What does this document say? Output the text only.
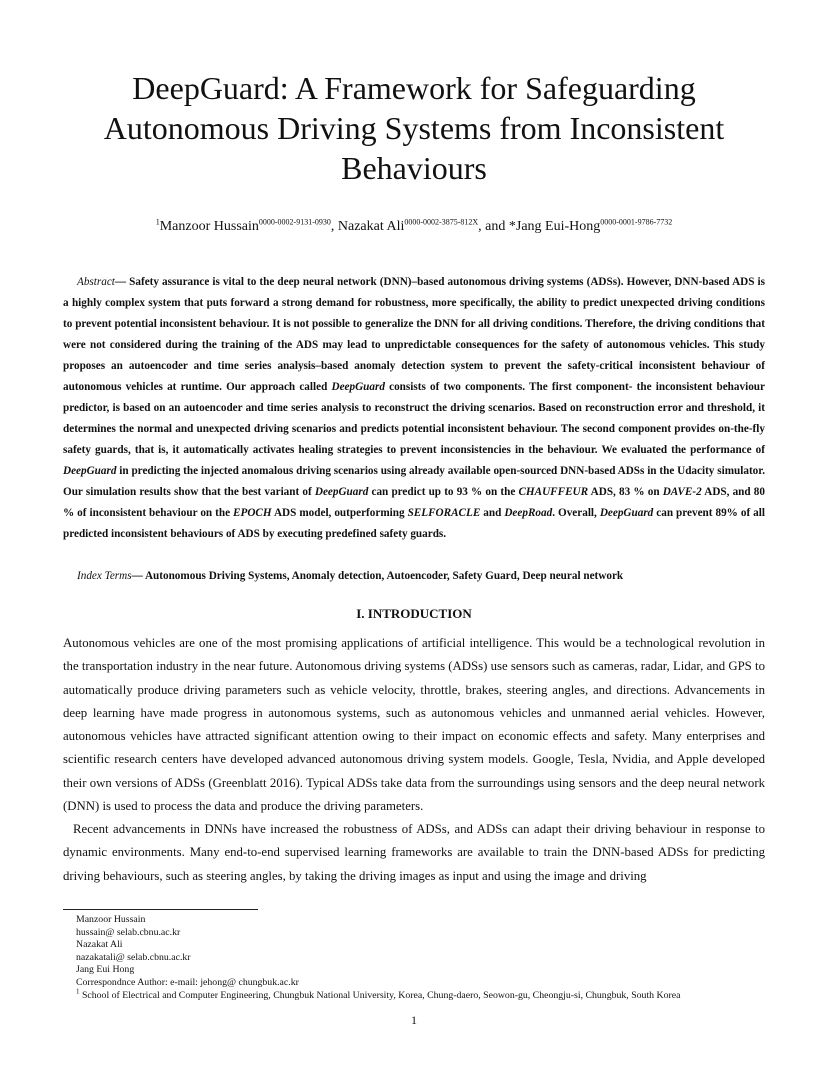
DeepGuard: A Framework for Safeguarding Autonomous Driving Systems from Inconsistent Behaviours
$^1$Manzoor Hussain$^{0000-0002-9131-0930}$, Nazakat Ali$^{0000-0002-3875-812X}$, and *Jang Eui-Hong$^{0000-0001-9786-7732}$

Abstract— Safety assurance is vital to the deep neural network (DNN)–based autonomous driving systems (ADSs). However, DNN-based ADS is a highly complex system that puts forward a strong demand for robustness, more specifically, the ability to predict unexpected driving conditions to prevent potential inconsistent behaviour. It is not possible to generalize the DNN for all driving conditions. Therefore, the driving conditions that were not considered during the training of the ADS may lead to unpredictable consequences for the safety of autonomous vehicles. This study proposes an autoencoder and time series analysis–based anomaly detection system to prevent the safety-critical inconsistent behaviour of autonomous vehicles at runtime. Our approach called DeepGuard consists of two components. The first component- the inconsistent behaviour predictor, is based on an autoencoder and time series analysis to reconstruct the driving scenarios. Based on reconstruction error and threshold, it determines the normal and unexpected driving scenarios and predicts potential inconsistent behaviour. The second component provides on-the-fly safety guards, that is, it automatically activates healing strategies to prevent inconsistencies in the behaviour. We evaluated the performance of DeepGuard in predicting the injected anomalous driving scenarios using already available open-sourced DNN-based ADSs in the Udacity simulator. Our simulation results show that the best variant of DeepGuard can predict up to 93 % on the CHAUFFEUR ADS, 83 % on DAVE-2 ADS, and 80 % of inconsistent behaviour on the EPOCH ADS model, outperforming SELFORACLE and DeepRoad. Overall, DeepGuard can prevent 89% of all predicted inconsistent behaviours of ADS by executing predefined safety guards.

Index Terms— Autonomous Driving Systems, Anomaly detection, Autoencoder, Safety Guard, Deep neural network

I. INTRODUCTION

Autonomous vehicles are one of the most promising applications of artificial intelligence. This would be a technological revolution in the transportation industry in the near future. Autonomous driving systems (ADSs) use sensors such as cameras, radar, Lidar, and GPS to automatically produce driving parameters such as vehicle velocity, throttle, brakes, steering angles, and directions. Advancements in deep learning have made progress in autonomous systems, such as autonomous vehicles and unmanned aerial vehicles. However, autonomous vehicles have attracted significant attention owing to their impact on economic effects and safety. Many enterprises and scientific research centers have developed advanced autonomous driving system models. Google, Tesla, Nvidia, and Apple developed their own versions of ADSs (Greenblatt 2016). Typical ADSs take data from the surroundings using sensors and the deep neural network (DNN) is used to process the data and produce the driving parameters.

Recent advancements in DNNs have increased the robustness of ADSs, and ADSs can adapt their driving behaviour in response to dynamic environments. Many end-to-end supervised learning frameworks are available to train the DNN-based ADSs for predicting driving behaviours, such as steering angles, by taking the driving images as input and using the image and driving

Manzoor Hussain
hussain@ selab.cbnu.ac.kr
Nazakat Ali
nazakatali@ selab.cbnu.ac.kr
Jang Eui Hong
Correspondnce Author: e-mail: jehong@ chungbuk.ac.kr
$^1$ School of Electrical and Computer Engineering, Chungbuk National University, Korea, Chung-daero, Seowon-gu, Cheongju-si, Chungbuk, South Korea
1
